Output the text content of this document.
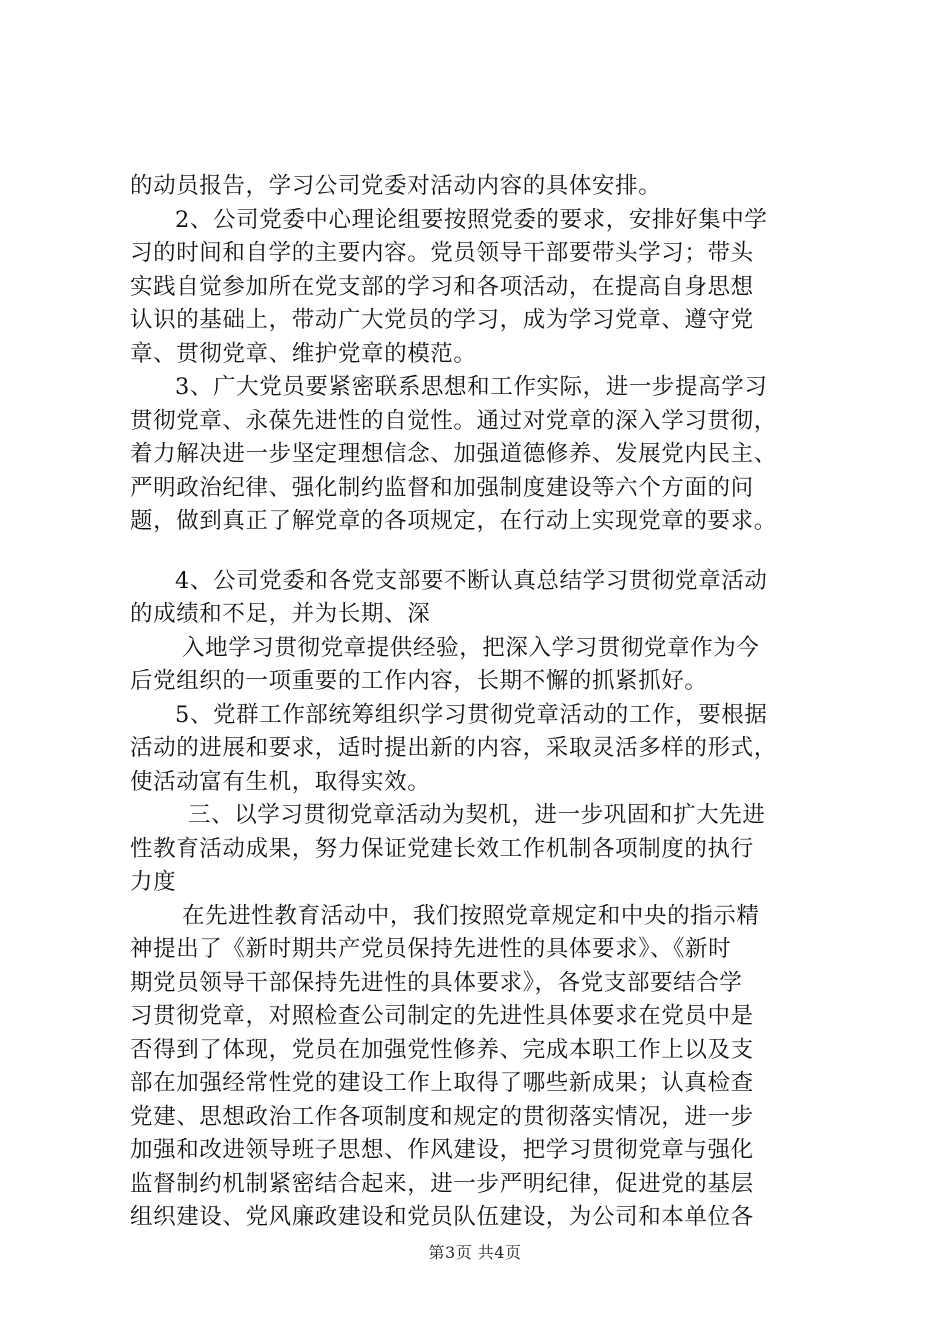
的动员报告，学习公司党委对活动内容的具体安排。
2、公司党委中心理论组要按照党委的要求，安排好集中学
习的时间和自学的主要内容。党员领导干部要带头学习；带头
实践自觉参加所在党支部的学习和各项活动，在提高自身思想
认识的基础上，带动广大党员的学习，成为学习党章、遵守党
章、贯彻党章、维护党章的模范。
3、广大党员要紧密联系思想和工作实际，进一步提高学习
贯彻党章、永葆先进性的自觉性。通过对党章的深入学习贯彻，
着力解决进一步坚定理想信念、加强道德修养、发展党内民主、
严明政治纪律、强化制约监督和加强制度建设等六个方面的问
题，做到真正了解党章的各项规定，在行动上实现党章的要求。
4、公司党委和各党支部要不断认真总结学习贯彻党章活动
的成绩和不足，并为长期、深
入地学习贯彻党章提供经验，把深入学习贯彻党章作为今
后党组织的一项重要的工作内容，长期不懈的抓紧抓好。
5、党群工作部统筹组织学习贯彻党章活动的工作，要根据
活动的进展和要求，适时提出新的内容，采取灵活多样的形式，
使活动富有生机，取得实效。
三、以学习贯彻党章活动为契机，进一步巩固和扩大先进
性教育活动成果，努力保证党建长效工作机制各项制度的执行
力度
在先进性教育活动中，我们按照党章规定和中央的指示精
神提出了《新时期共产党员保持先进性的具体要求》、《新时
期党员领导干部保持先进性的具体要求》，各党支部要结合学
习贯彻党章，对照检查公司制定的先进性具体要求在党员中是
否得到了体现，党员在加强党性修养、完成本职工作上以及支
部在加强经常性党的建设工作上取得了哪些新成果；认真检查
党建、思想政治工作各项制度和规定的贯彻落实情况，进一步
加强和改进领导班子思想、作风建设，把学习贯彻党章与强化
监督制约机制紧密结合起来，进一步严明纪律，促进党的基层
组织建设、党风廉政建设和党员队伍建设，为公司和本单位各
第3页 共4页
